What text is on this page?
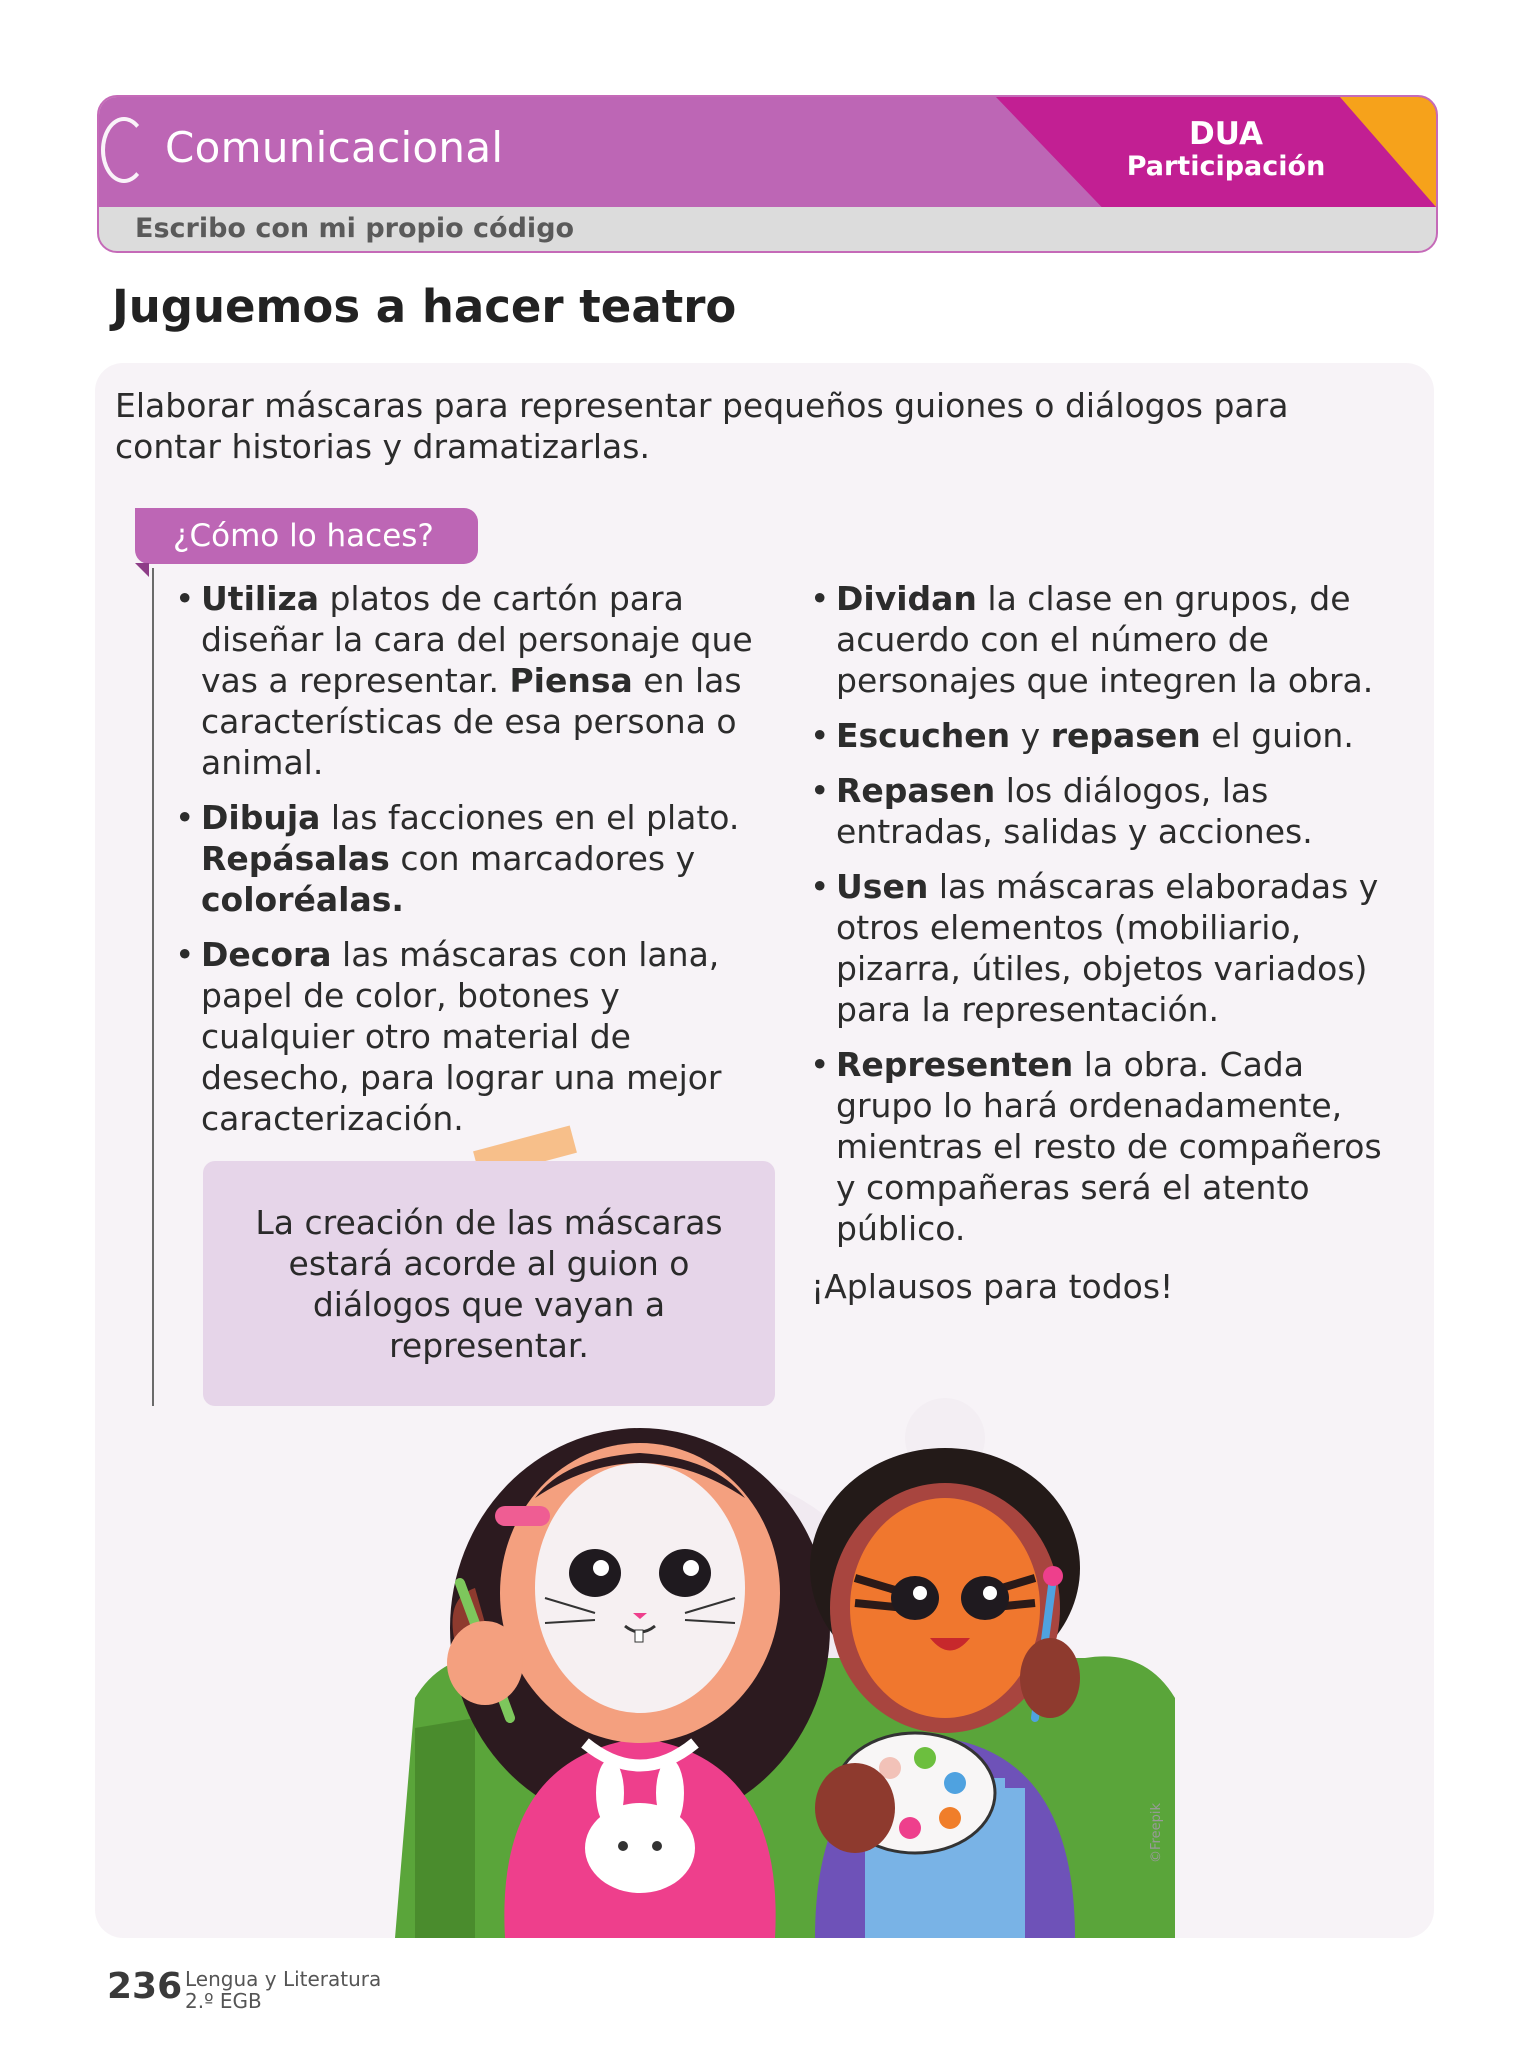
Comunicacional	DUA
Participación
Escribo con mi propio código
Juguemos a hacer teatro
Elaborar máscaras para representar pequeños guiones o diálogos para contar historias y dramatizarlas.
¿Cómo lo haces?
• Utiliza platos de cartón para diseñar la cara del personaje que vas a representar. Piensa en las características de esa persona o animal.
• Dibuja las facciones en el plato. Repásalas con marcadores y coloréalas.
• Decora las máscaras con lana, papel de color, botones y cualquier otro material de desecho, para lograr una mejor caracterización.
La creación de las máscaras estará acorde al guion o diálogos que vayan a representar.
• Dividan la clase en grupos, de acuerdo con el número de personajes que integren la obra.
• Escuchen y repasen el guion.
• Repasen los diálogos, las entradas, salidas y acciones.
• Usen las máscaras elaboradas y otros elementos (mobiliario, pizarra, útiles, objetos variados) para la representación.
• Representen la obra. Cada grupo lo hará ordenadamente, mientras el resto de compañeros y compañeras será el atento público.
¡Aplausos para todos!
©Freepik
236 Lengua y Literatura
2.º EGB
